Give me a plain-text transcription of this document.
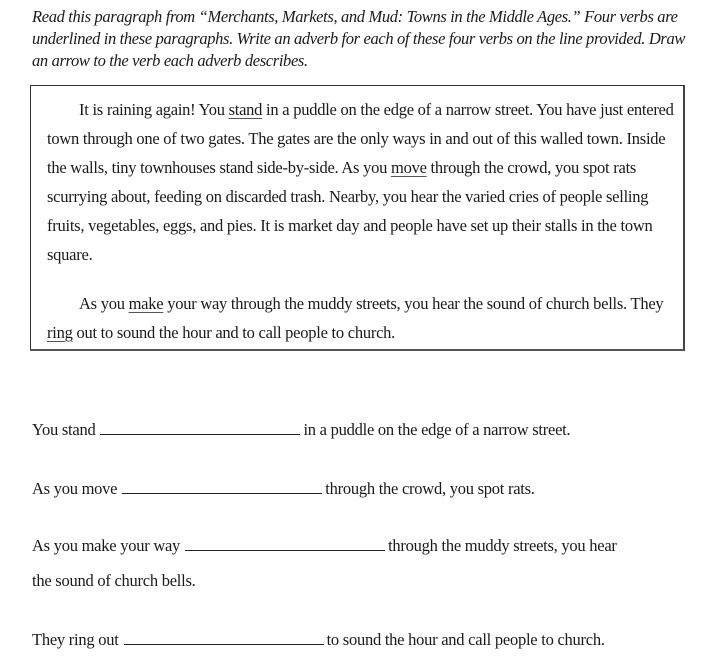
Read this paragraph from “Merchants, Markets, and Mud: Towns in the Middle Ages.” Four verbs are underlined in these paragraphs. Write an adverb for each of these four verbs on the line provided. Draw an arrow to the verb each adverb describes.
It is raining again! You stand in a puddle on the edge of a narrow street. You have just entered town through one of two gates. The gates are the only ways in and out of this walled town. Inside the walls, tiny townhouses stand side-by-side. As you move through the crowd, you spot rats scurrying about, feeding on discarded trash. Nearby, you hear the varied cries of people selling fruits, vegetables, eggs, and pies. It is market day and people have set up their stalls in the town square.
As you make your way through the muddy streets, you hear the sound of church bells. They ring out to sound the hour and to call people to church.
You stand	in a puddle on the edge of a narrow street.
As you move	through the crowd, you spot rats.
As you make your way	through the muddy streets, you hear
the sound of church bells.
They ring out	to sound the hour and call people to church.
